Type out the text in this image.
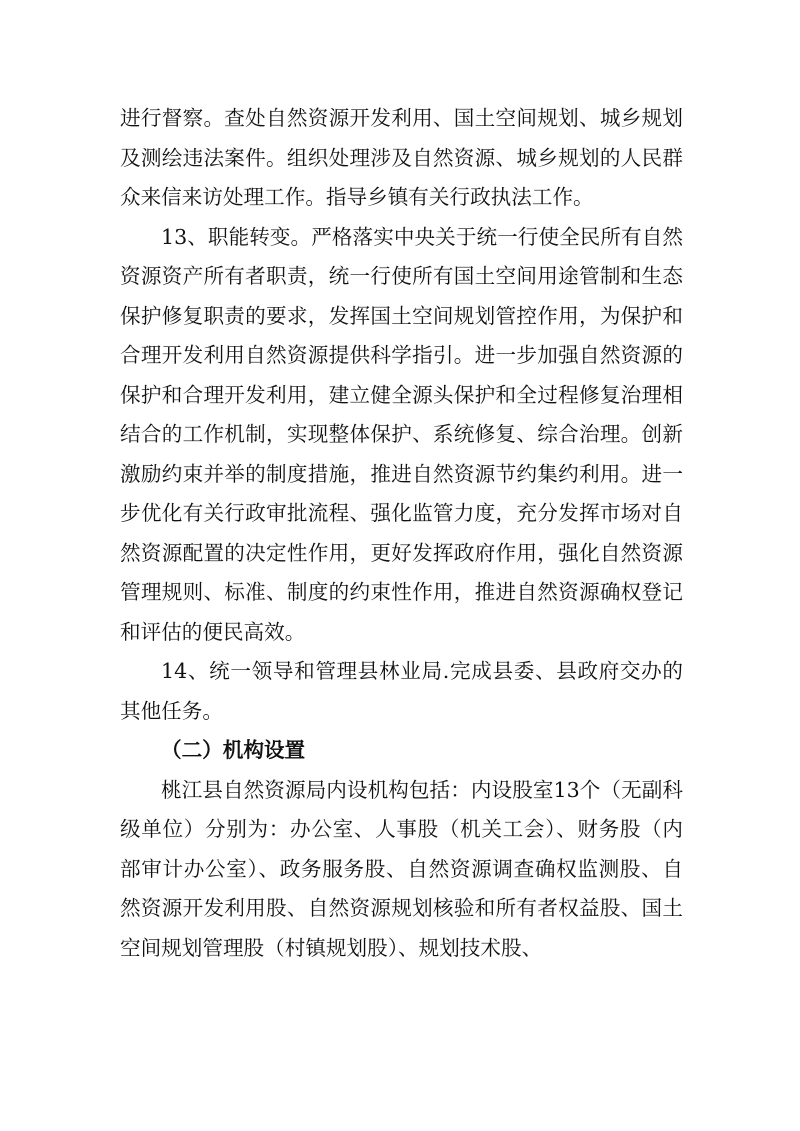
进行督察。查处自然资源开发利用、国土空间规划、城乡规划及测绘违法案件。组织处理涉及自然资源、城乡规划的人民群众来信来访处理工作。指导乡镇有关行政执法工作。

13、职能转变。严格落实中央关于统一行使全民所有自然资源资产所有者职责，统一行使所有国土空间用途管制和生态保护修复职责的要求，发挥国土空间规划管控作用，为保护和合理开发利用自然资源提供科学指引。进一步加强自然资源的保护和合理开发利用，建立健全源头保护和全过程修复治理相结合的工作机制，实现整体保护、系统修复、综合治理。创新激励约束并举的制度措施，推进自然资源节约集约利用。进一步优化有关行政审批流程、强化监管力度，充分发挥市场对自然资源配置的决定性作用，更好发挥政府作用，强化自然资源管理规则、标准、制度的约束性作用，推进自然资源确权登记和评估的便民高效。

14、统一领导和管理县林业局.完成县委、县政府交办的其他任务。

（二）机构设置

桃江县自然资源局内设机构包括：内设股室13个（无副科级单位）分别为：办公室、人事股（机关工会）、财务股（内部审计办公室）、政务服务股、自然资源调查确权监测股、自然资源开发利用股、自然资源规划核验和所有者权益股、国土空间规划管理股（村镇规划股）、规划技术股、
